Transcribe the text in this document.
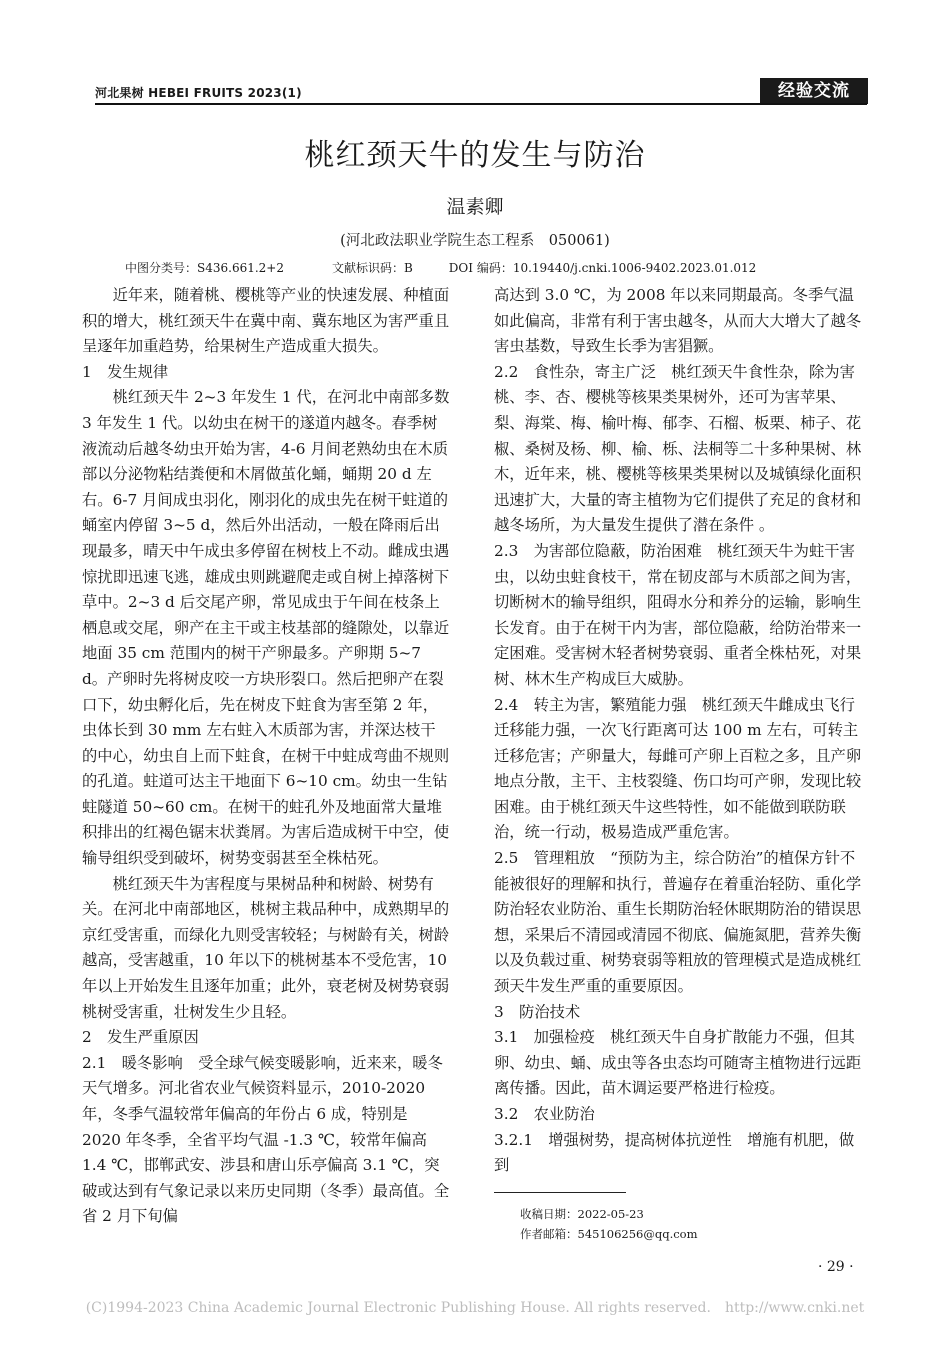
河北果树 HEBEI FRUITS 2023(1)	经验交流
桃红颈天牛的发生与防治
温素卿
(河北政法职业学院生态工程系　050061)
中图分类号：S436.661.2+2　　　　文献标识码：B　　　DOI 编码：10.19440/j.cnki.1006-9402.2023.01.012

近年来，随着桃、樱桃等产业的快速发展、种植面积的增大，桃红颈天牛在冀中南、冀东地区为害严重且呈逐年加重趋势，给果树生产造成重大损失。

1　发生规律

桃红颈天牛 2~3 年发生 1 代，在河北中南部多数 3 年发生 1 代。以幼虫在树干的遂道内越冬。春季树液流动后越冬幼虫开始为害，4-6 月间老熟幼虫在木质部以分泌物粘结粪便和木屑做茧化蛹，蛹期 20 d 左右。6-7 月间成虫羽化，刚羽化的成虫先在树干蛀道的蛹室内停留 3~5 d，然后外出活动，一般在降雨后出现最多，晴天中午成虫多停留在树枝上不动。雌成虫遇惊扰即迅速飞逃，雄成虫则跳避爬走或自树上掉落树下草中。2~3 d 后交尾产卵，常见成虫于午间在枝条上栖息或交尾，卵产在主干或主枝基部的缝隙处，以靠近地面 35 cm 范围内的树干产卵最多。产卵期 5~7 d。产卵时先将树皮咬一方块形裂口。然后把卵产在裂口下，幼虫孵化后，先在树皮下蛀食为害至第 2 年，虫体长到 30 mm 左右蛀入木质部为害，并深达枝干的中心，幼虫自上而下蛀食，在树干中蛀成弯曲不规则的孔道。蛀道可达主干地面下 6~10 cm。幼虫一生钻蛀隧道 50~60 cm。在树干的蛀孔外及地面常大量堆积排出的红褐色锯末状粪屑。为害后造成树干中空，使输导组织受到破坏，树势变弱甚至全株枯死。

桃红颈天牛为害程度与果树品种和树龄、树势有关。在河北中南部地区，桃树主栽品种中，成熟期早的京红受害重，而绿化九则受害较轻；与树龄有关，树龄越高，受害越重，10 年以下的桃树基本不受危害，10 年以上开始发生且逐年加重；此外，衰老树及树势衰弱桃树受害重，壮树发生少且轻。

2　发生严重原因

2.1　暖冬影响　受全球气候变暖影响，近来来，暖冬天气增多。河北省农业气候资料显示，2010-2020 年，冬季气温较常年偏高的年份占 6 成，特别是 2020 年冬季，全省平均气温 -1.3 ℃，较常年偏高 1.4 ℃，邯郸武安、涉县和唐山乐亭偏高 3.1 ℃，突破或达到有气象记录以来历史同期（冬季）最高值。全省 2 月下旬偏

高达到 3.0 ℃，为 2008 年以来同期最高。冬季气温如此偏高，非常有利于害虫越冬，从而大大增大了越冬害虫基数，导致生长季为害猖獗。

2.2　食性杂，寄主广泛　桃红颈天牛食性杂，除为害桃、李、杏、樱桃等核果类果树外，还可为害苹果、梨、海棠、梅、榆叶梅、郁李、石榴、板栗、柿子、花椒、桑树及杨、柳、榆、栎、法桐等二十多种果树、林木，近年来，桃、樱桃等核果类果树以及城镇绿化面积迅速扩大，大量的寄主植物为它们提供了充足的食材和越冬场所，为大量发生提供了潜在条件 。

2.3　为害部位隐蔽，防治困难　桃红颈天牛为蛀干害虫，以幼虫蛀食枝干，常在韧皮部与木质部之间为害，切断树木的输导组织，阻碍水分和养分的运输，影响生长发育。由于在树干内为害，部位隐蔽，给防治带来一定困难。受害树木轻者树势衰弱、重者全株枯死，对果树、林木生产构成巨大威胁。

2.4　转主为害，繁殖能力强　桃红颈天牛雌成虫飞行迁移能力强，一次飞行距离可达 100 m 左右，可转主迁移危害；产卵量大，每雌可产卵上百粒之多，且产卵地点分散，主干、主枝裂缝、伤口均可产卵，发现比较困难。由于桃红颈天牛这些特性，如不能做到联防联治，统一行动，极易造成严重危害。

2.5　管理粗放　“预防为主，综合防治”的植保方针不能被很好的理解和执行，普遍存在着重治轻防、重化学防治轻农业防治、重生长期防治轻休眠期防治的错误思想，采果后不清园或清园不彻底、偏施氮肥，营养失衡以及负载过重、树势衰弱等粗放的管理模式是造成桃红颈天牛发生严重的重要原因。

3　防治技术

3.1　加强检疫　桃红颈天牛自身扩散能力不强，但其卵、幼虫、蛹、成虫等各虫态均可随寄主植物进行远距离传播。因此，苗木调运要严格进行检疫。

3.2　农业防治

3.2.1　增强树势，提高树体抗逆性　增施有机肥，做到

收稿日期：2022-05-23
作者邮箱：545106256@qq.com
· 29 ·
(C)1994-2023 China Academic Journal Electronic Publishing House. All rights reserved.　http://www.cnki.net
